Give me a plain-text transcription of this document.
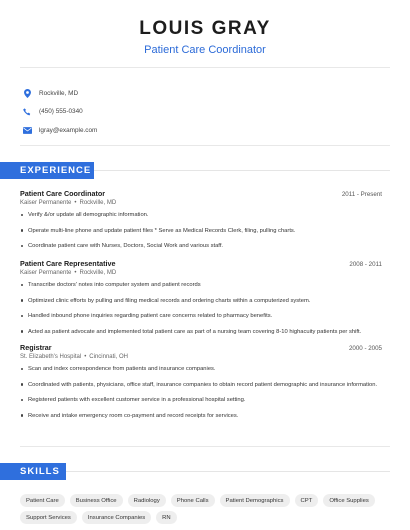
LOUIS GRAY
Patient Care Coordinator
Rockville, MD
(450) 555-0340
lgray@example.com
EXPERIENCE
Patient Care Coordinator	2011 - Present
Kaiser Permanente • Rockville, MD
Verify &/or update all demographic information.
Operate multi-line phone and update patient files * Serve as Medical Records Clerk, filing, pulling charts.
Coordinate patient care with Nurses, Doctors, Social Work and various staff.
Patient Care Representative	2008 - 2011
Kaiser Permanente • Rockville, MD
Transcribe doctors' notes into computer system and patient records
Optimized clinic efforts by pulling and filing medical records and ordering charts within a computerized system.
Handled inbound phone inquiries regarding patient care concerns related to pharmacy benefits.
Acted as patient advocate and implemented total patient care as part of a nursing team covering 8-10 highacuity patients per shift.
Registrar	2000 - 2005
St. Elizabeth's Hospital • Cincinnati, OH
Scan and index correspondence from patients and insurance companies.
Coordinated with patients, physicians, office staff, insurance companies to obtain record patient demographic and insurance information.
Registered patients with excellent customer service in a professional hospital setting.
Receive and intake emergency room co-payment and record receipts for services.
SKILLS
Patient Care	Business Office	Radiology	Phone Calls	Patient Demographics	CPT	Office Supplies
Support Services	Insurance Companies	RN
